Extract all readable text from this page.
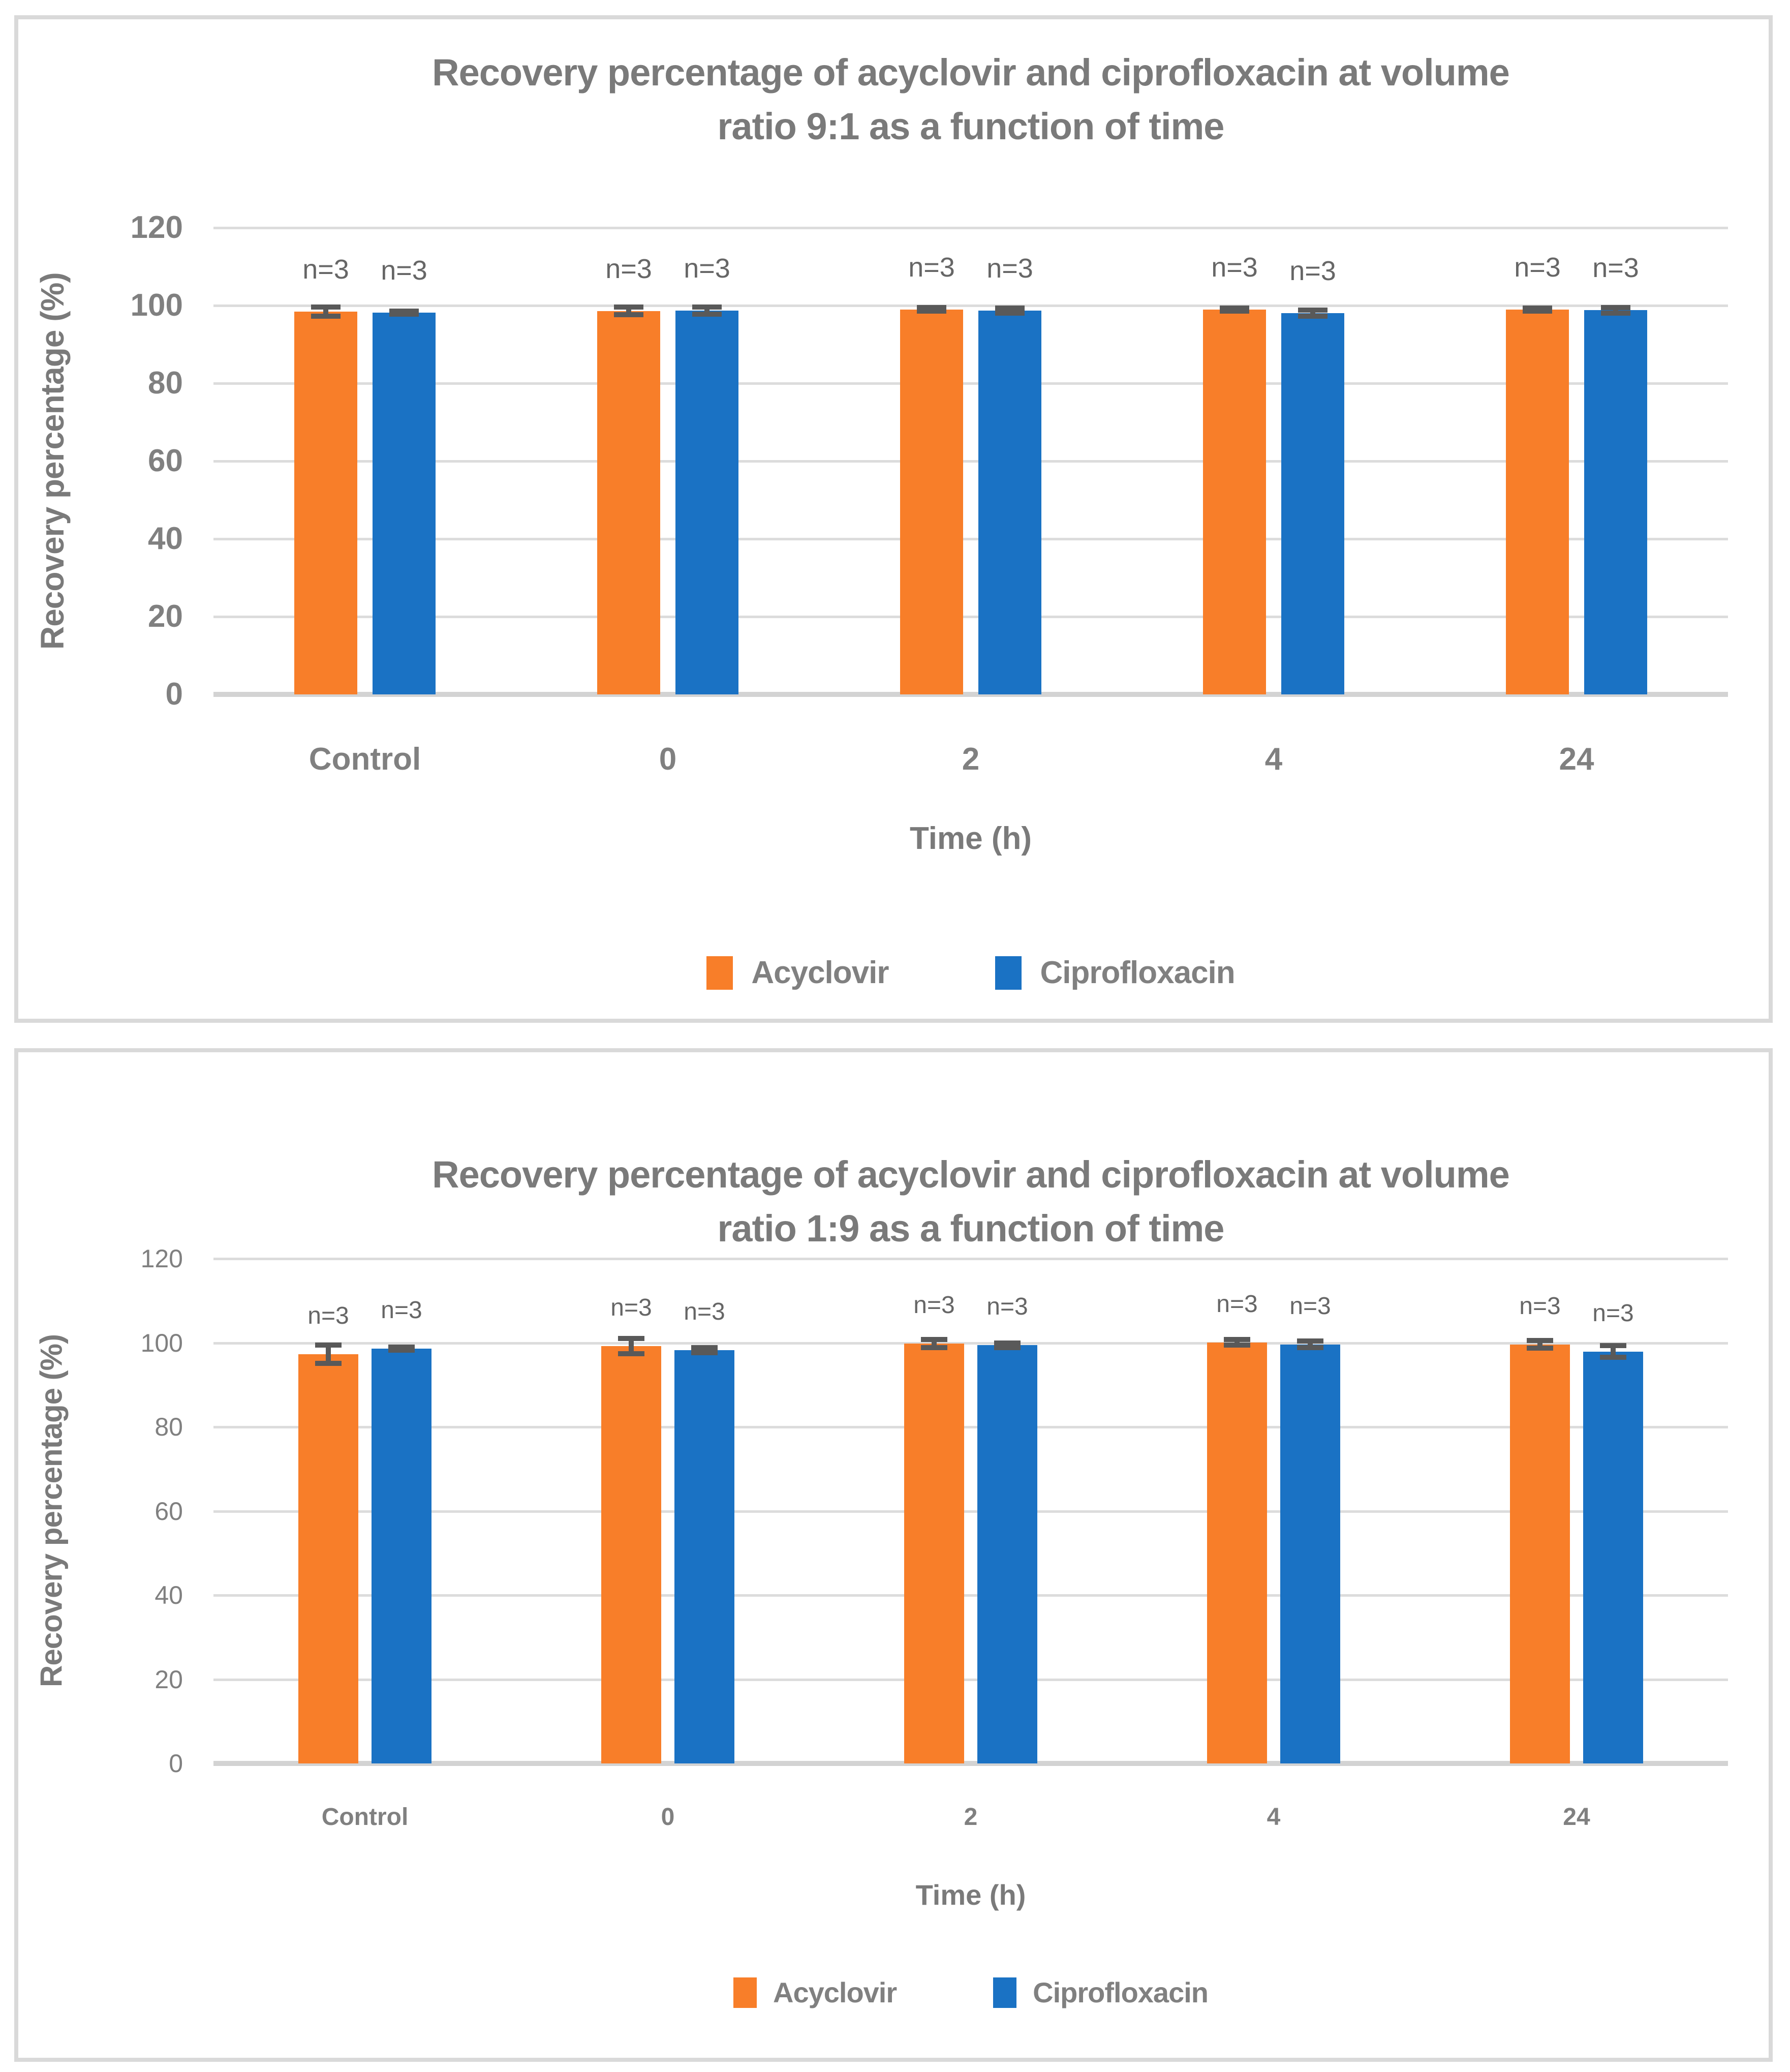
Recovery percentage of acyclovir and ciprofloxacin at volume
ratio 9:1 as a function of time
Recovery percentage (%)
0
20
40
60
80
100
120
n=3	n=3
Control
n=3	n=3
0
n=3	n=3
2
n=3	n=3
4
n=3	n=3
24
Time (h)
Acyclovir	Ciprofloxacin
Recovery percentage of acyclovir and ciprofloxacin at volume
ratio 1:9 as a function of time
Recovery percentage (%)
0
20
40
60
80
100
120
n=3	n=3
Control
n=3	n=3
0
n=3	n=3
2
n=3	n=3
4
n=3	n=3
24
Time (h)
Acyclovir	Ciprofloxacin
